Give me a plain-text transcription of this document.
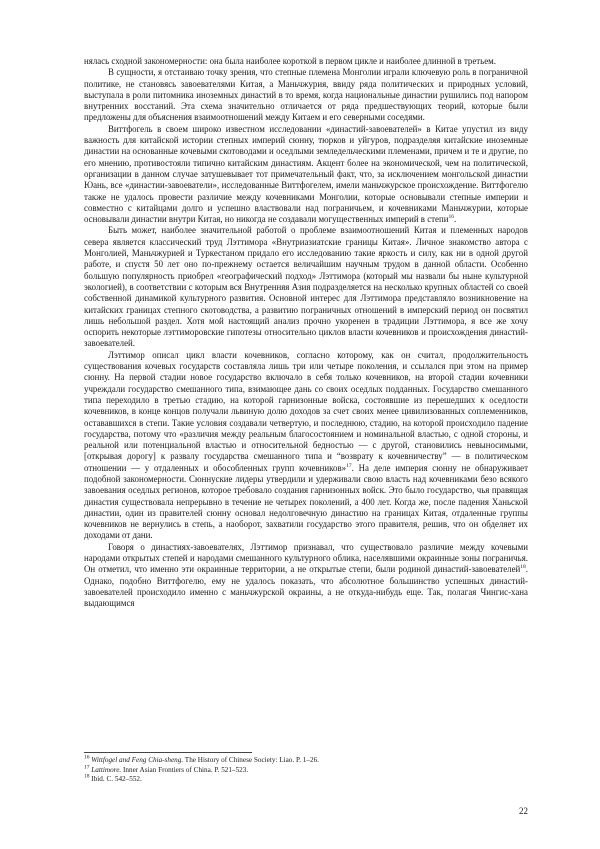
нялась сходной закономерности: она была наиболее короткой в первом цикле и наиболее длинной в третьем.

В сущности, я отстаиваю точку зрения, что степные племена Монголии играли ключевую роль в пограничной политике, не становясь завоевателями Китая, а Маньчжурия, ввиду ряда политических и природных условий, выступала в роли питомника иноземных династий в то время, когда национальные династии рушились под напором внутренних восстаний. Эта схема значительно отличается от ряда предшествующих теорий, которые были предложены для объяснения взаимоотношений между Китаем и его северными соседями.

Виттфогель в своем широко известном исследовании «династий-завоевателей» в Китае упустил из виду важность для китайской истории степных империй сюнну, тюрков и уйгуров, подразделяя китайские иноземные династии на основанные кочевыми скотоводами и оседлыми земледельческими племенами, причем и те и другие, по его мнению, противостояли типично китайским династиям. Акцент более на экономической, чем на политической, организации в данном случае затушевывает тот примечательный факт, что, за исключением монгольской династии Юань, все «династии-завоеватели», исследованные Виттфогелем, имели маньчжурское происхождение. Виттфогелю также не удалось провести различие между кочевниками Монголии, которые основывали степные империи и совместно с китайцами долго и успешно властвовали над пограничьем, и кочевниками Маньчжурии, которые основывали династии внутри Китая, но никогда не создавали могущественных империй в степи$^{16}$.

Быть может, наиболее значительной работой о проблеме взаимоотношений Китая и племенных народов севера является классический труд Лэттимора «Внутриазиатские границы Китая». Личное знакомство автора с Монголией, Маньчжурией и Туркестаном придало его исследованию такие яркость и силу, как ни в одной другой работе, и спустя 50 лет оно по-прежнему остается величайшим научным трудом в данной области. Особенно большую популярность приобрел «географический подход» Лэттимора (который мы назвали бы ныне культурной экологией), в соответствии с которым вся Внутренняя Азия подразделяется на несколько крупных областей со своей собственной динамикой культурного развития. Основной интерес для Лэттимора представляло возникновение на китайских границах степного скотоводства, а развитию пограничных отношений в имперский период он посвятил лишь небольшой раздел. Хотя мой настоящий анализ прочно укоренен в традиции Лэттимора, я все же хочу оспорить некоторые лэттиморовские гипотезы относительно циклов власти кочевников и происхождения династий-завоевателей.

Лэттимор описал цикл власти кочевников, согласно которому, как он считал, продолжительность существования кочевых государств составляла лишь три или четыре поколения, и ссылался при этом на пример сюнну. На первой стадии новое государство включало в себя только кочевников, на второй стадии кочевники учреждали государство смешанного типа, взимающее дань со своих оседлых подданных. Государство смешанного типа переходило в третью стадию, на которой гарнизонные войска, состоявшие из перешедших к оседлости кочевников, в конце концов получали львиную долю доходов за счет своих менее цивилизованных соплеменников, остававшихся в степи. Такие условия создавали четвертую, и последнюю, стадию, на которой происходило падение государства, потому что «различия между реальным благосостоянием и номинальной властью, с одной стороны, и реальной или потенциальной властью и относительной бедностью — с другой, становились невыносимыми, [открывая дорогу] к развалу государства смешанного типа и “возврату к кочевничеству” — в политическом отношении — у отдаленных и обособленных групп кочевников»$^{17}$. На деле империя сюнну не обнаруживает подобной закономерности. Сюннуские лидеры утвердили и удерживали свою власть над кочевниками безо всякого завоевания оседлых регионов, которое требовало создания гарнизонных войск. Это было государство, чья правящая династия существовала непрерывно в течение не четырех поколений, а 400 лет. Когда же, после падения Ханьской династии, один из правителей сюнну основал недолговечную династию на границах Китая, отдаленные группы кочевников не вернулись в степь, а наоборот, захватили государство этого правителя, решив, что он обделяет их доходами от дани.

Говоря о династиях-завоевателях, Лэттимор признавал, что существовало различие между кочевыми народами открытых степей и народами смешанного культурного облика, населявшими окраинные зоны пограничья. Он отметил, что именно эти окраинные территории, а не открытые степи, были родиной династий-завоевателей$^{18}$. Однако, подобно Виттфогелю, ему не удалось показать, что абсолютное большинство успешных династий-завоевателей происходило именно с маньчжурской окраины, а не откуда-нибудь еще. Так, полагая Чингис-хана выдающимся

$^{16}$ Wittfogel and Feng Chia-sheng. The History of Chinese Society: Liao. P. 1–26.
$^{17}$ Lattimore. Inner Asian Frontiers of China. P. 521–523.
$^{18}$ Ibid. C. 542–552.
22
